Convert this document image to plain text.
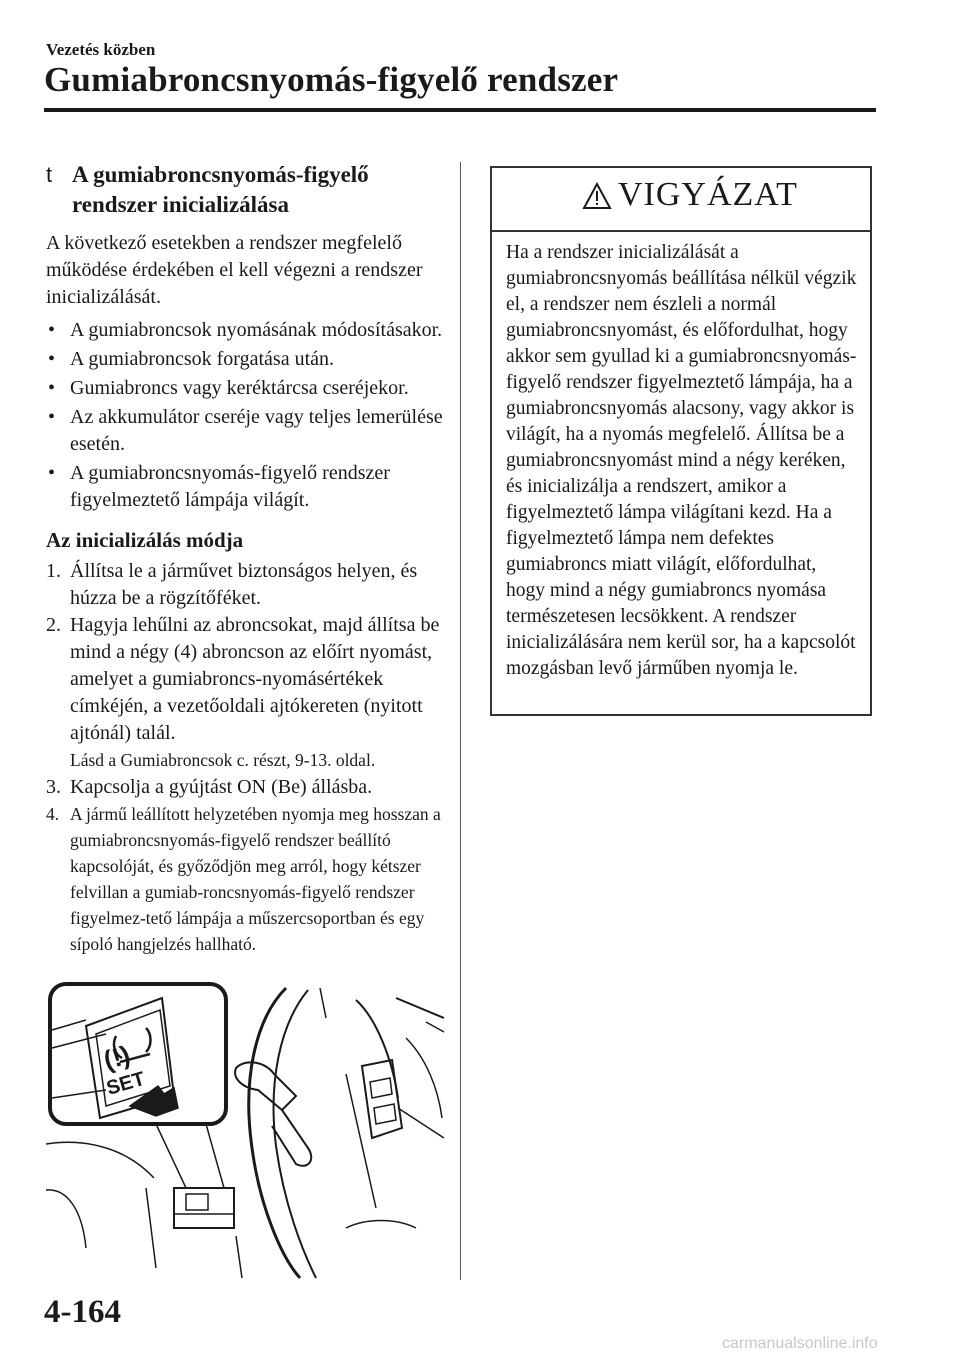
Vezetés közben
Gumiabroncsnyomás-figyelő rendszer
t A gumiabroncsnyomás-figyelő
rendszer inicializálása

A következő esetekben a rendszer megfelelő működése érdekében el kell végezni a rendszer inicializálását.

• A gumiabroncsok nyomásának módosításakor.
• A gumiabroncsok forgatása után.
• Gumiabroncs vagy keréktárcsa cseréjekor.
• Az akkumulátor cseréje vagy teljes lemerülése esetén.
• A gumiabroncsnyomás-figyelő rendszer figyelmeztető lámpája világít.
Az inicializálás módja
1. Állítsa le a járművet biztonságos helyen, és húzza be a rögzítőféket.
2. Hagyja lehűlni az abroncsokat, majd állítsa be mind a négy (4) abroncson az előírt nyomást, amelyet a gumiabroncs-nyomásértékek címkéjén, a vezetőoldali ajtókereten (nyitott ajtónál) talál.
Lásd a Gumiabroncsok c. részt, 9-13. oldal.
3. Kapcsolja a gyújtást ON (Be) állásba.
4. A jármű leállított helyzetében nyomja meg hosszan a gumiabroncsnyomás-figyelő rendszer beállító kapcsolóját, és győződjön meg arról, hogy kétszer felvillan a gumiab-roncsnyomás-figyelő rendszer figyelmez-tető lámpája a műszercsoportban és egy sípoló hangjelzés hallható.
VIGYÁZAT
Ha a rendszer inicializálását a gumiabroncsnyomás beállítása nélkül végzik el, a rendszer nem észleli a normál gumiabroncsnyomást, és előfordulhat, hogy akkor sem gyullad ki a gumiabroncsnyomás-figyelő rendszer figyelmeztető lámpája, ha a gumiabroncsnyomás alacsony, vagy akkor is világít, ha a nyomás megfelelő. Állítsa be a gumiabroncsnyomást mind a négy keréken, és inicializálja a rendszert, amikor a figyelmeztető lámpa világítani kezd. Ha a figyelmeztető lámpa nem defektes gumiabroncs miatt világít, előfordulhat, hogy mind a négy gumiabroncs nyomása természetesen lecsökkent. A rendszer inicializálására nem kerül sor, ha a kapcsolót mozgásban levő járműben nyomja le.
(!)
SET
4-164
carmanualsonline.info
